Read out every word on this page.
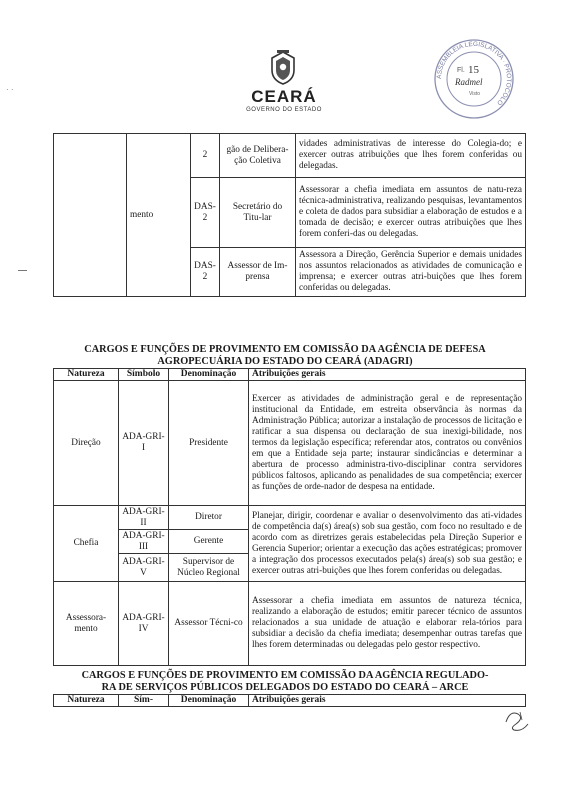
CEARÁ
GOVERNO DO ESTADO
ASSEMBLEIA LEGISLATIVA · PROTOCOLO
Fl. 15
Radmel
Visto
· ·
	mento	2	gão de Delibera-ção Coletiva	vidades administrativas de interesse do Colegia-do; e exercer outras atribuições que lhes forem conferidas ou delegadas.
		DAS-2	Secretário do Titu-lar	Assessorar a chefia imediata em assuntos de natu-reza técnica-administrativa, realizando pesquisas, levantamentos e coleta de dados para subsidiar a elaboração de estudos e a tomada de decisão; e exercer outras atribuições que lhes forem conferi-das ou delegadas.
		DAS-2	Assessor de Im-prensa	Assessora a Direção, Gerência Superior e demais unidades nos assuntos relacionados as atividades de comunicação e imprensa; e exercer outras atri-buições que lhes forem conferidas ou delegadas.
CARGOS E FUNÇÕES DE PROVIMENTO EM COMISSÃO DA AGÊNCIA DE DEFESA
AGROPECUÁRIA DO ESTADO DO CEARÁ (ADAGRI)
Natureza	Símbolo	Denominação	Atribuições gerais
Direção	ADA-GRI-I	Presidente	Exercer as atividades de administração geral e de representação institucional da Entidade, em estreita observância às normas da Administração Pública; autorizar a instalação de processos de licitação e ratificar a sua dispensa ou declaração de sua inexigi-bilidade, nos termos da legislação específica; referendar atos, contratos ou convênios em que a Entidade seja parte; instaurar sindicâncias e determinar a abertura de processo administra-tivo-disciplinar contra servidores públicos faltosos, aplicando as penalidades de sua competência; exercer as funções de orde-nador de despesa na entidade.
Chefia	ADA-GRI-II	Diretor	Planejar, dirigir, coordenar e avaliar o desenvolvimento das ati-vidades de competência da(s) área(s) sob sua gestão, com foco no resultado e de acordo com as diretrizes gerais estabelecidas pela Direção Superior e Gerencia Superior; orientar a execução das ações estratégicas; promover a integração dos processos executados pela(s) área(s) sob sua gestão; e exercer outras atri-buições que lhes forem conferidas ou delegadas.
	ADA-GRI-III	Gerente	
	ADA-GRI-V	Supervisor de Núcleo Regional	
Assessora-mento	ADA-GRI-IV	Assessor Técni-co	Assessorar a chefia imediata em assuntos de natureza técnica, realizando a elaboração de estudos; emitir parecer técnico de assuntos relacionados a sua unidade de atuação e elaborar rela-tórios para subsidiar a decisão da chefia imediata; desempenhar outras tarefas que lhes forem determinadas ou delegadas pelo gestor respectivo.
CARGOS E FUNÇÕES DE PROVIMENTO EM COMISSÃO DA AGÊNCIA REGULADO-
RA DE SERVIÇOS PÚBLICOS DELEGADOS DO ESTADO DO CEARÁ – ARCE
Natureza	Sím-	Denominação	Atribuições gerais
